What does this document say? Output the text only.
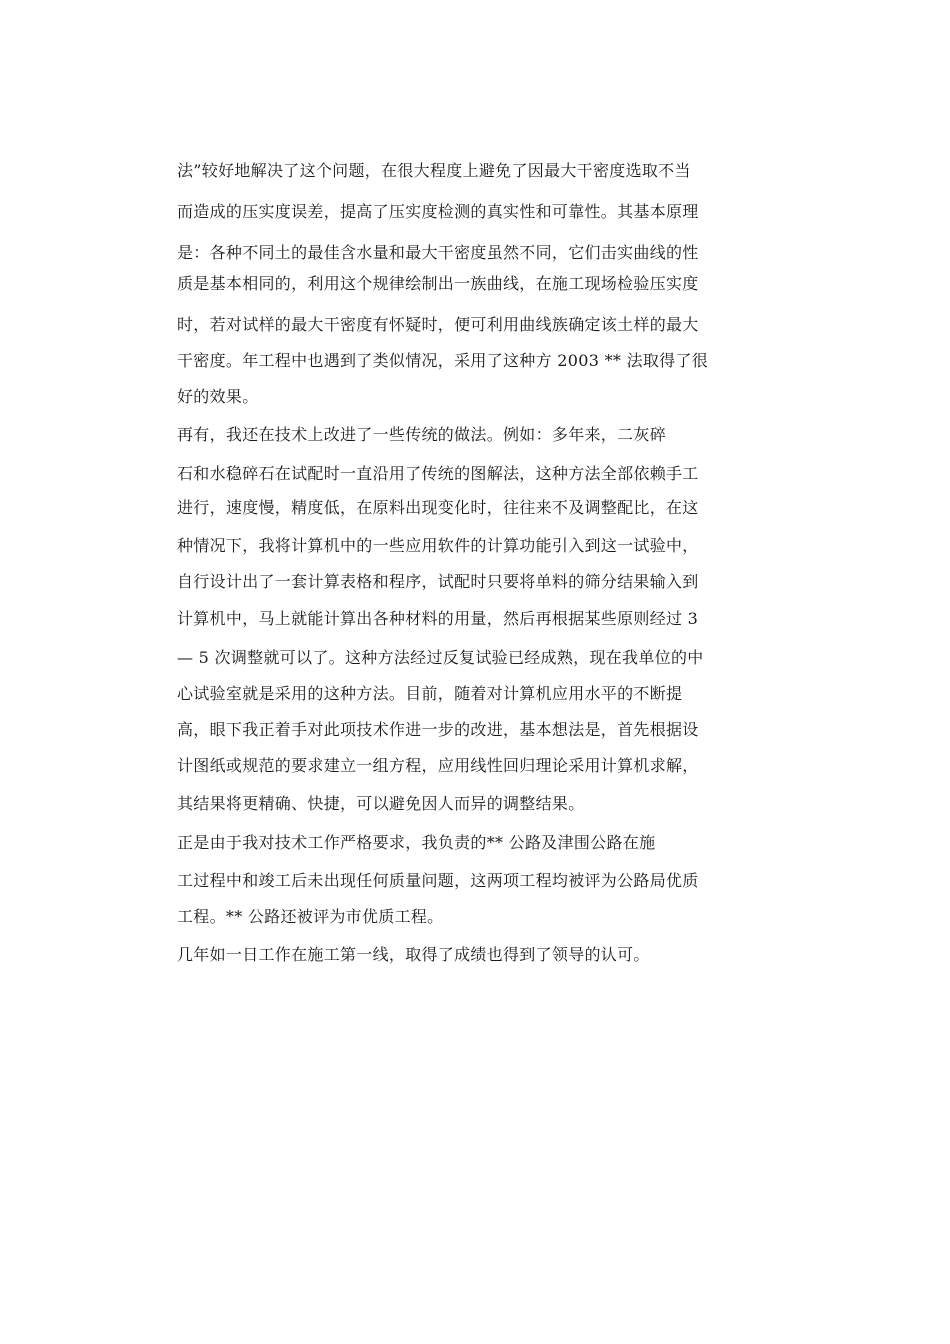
法”较好地解决了这个问题，在很大程度上避免了因最大干密度选取不当
而造成的压实度误差，提高了压实度检测的真实性和可靠性。其基本原理
是：各种不同土的最佳含水量和最大干密度虽然不同，它们击实曲线的性
质是基本相同的，利用这个规律绘制出一族曲线，在施工现场检验压实度
时，若对试样的最大干密度有怀疑时，便可利用曲线族确定该土样的最大
干密度。年工程中也遇到了类似情况，采用了这种方 2003 ** 法取得了很
好的效果。
再有，我还在技术上改进了一些传统的做法。例如：多年来，二灰碎
石和水稳碎石在试配时一直沿用了传统的图解法，这种方法全部依赖手工
进行，速度慢，精度低，在原料出现变化时，往往来不及调整配比，在这
种情况下，我将计算机中的一些应用软件的计算功能引入到这一试验中，
自行设计出了一套计算表格和程序，试配时只要将单料的筛分结果输入到
计算机中，马上就能计算出各种材料的用量，然后再根据某些原则经过 3
— 5 次调整就可以了。这种方法经过反复试验已经成熟，现在我单位的中
心试验室就是采用的这种方法。目前，随着对计算机应用水平的不断提
高，眼下我正着手对此项技术作进一步的改进，基本想法是，首先根据设
计图纸或规范的要求建立一组方程，应用线性回归理论采用计算机求解，
其结果将更精确、快捷，可以避免因人而异的调整结果。
正是由于我对技术工作严格要求，我负责的** 公路及津围公路在施
工过程中和竣工后未出现任何质量问题，这两项工程均被评为公路局优质
工程。** 公路还被评为市优质工程。
几年如一日工作在施工第一线，取得了成绩也得到了领导的认可。
